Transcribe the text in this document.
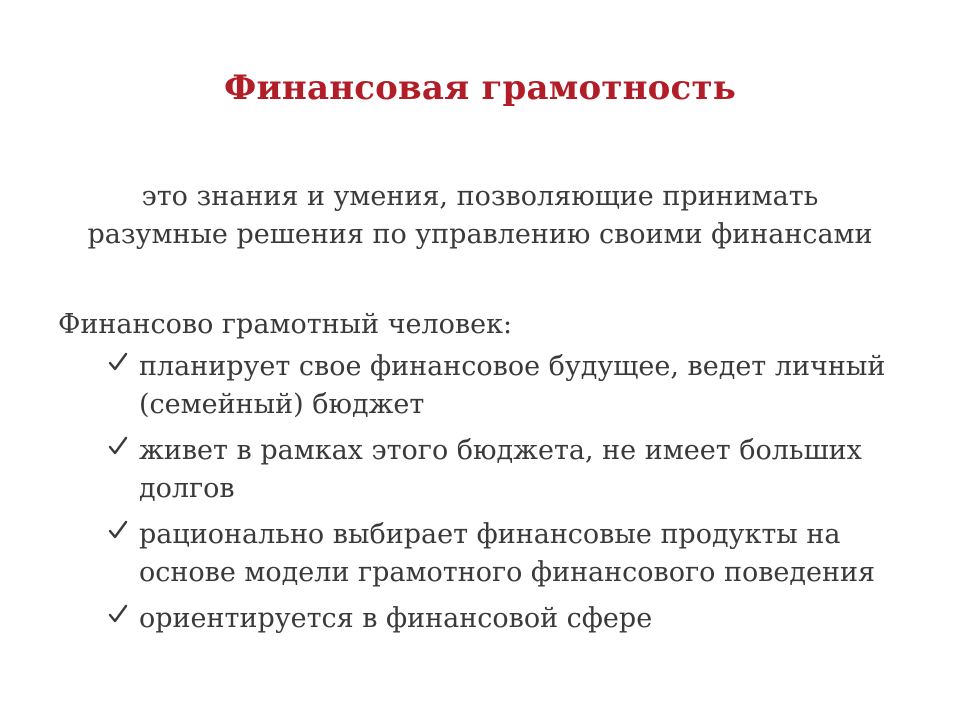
Финансовая грамотность
это знания и умения, позволяющие принимать
разумные решения по управлению своими финансами
Финансово грамотный человек:
планирует свое финансовое будущее, ведет личный
(семейный) бюджет
живет в рамках этого бюджета, не имеет больших
долгов
рационально выбирает финансовые продукты на
основе модели грамотного финансового поведения
ориентируется в финансовой сфере
